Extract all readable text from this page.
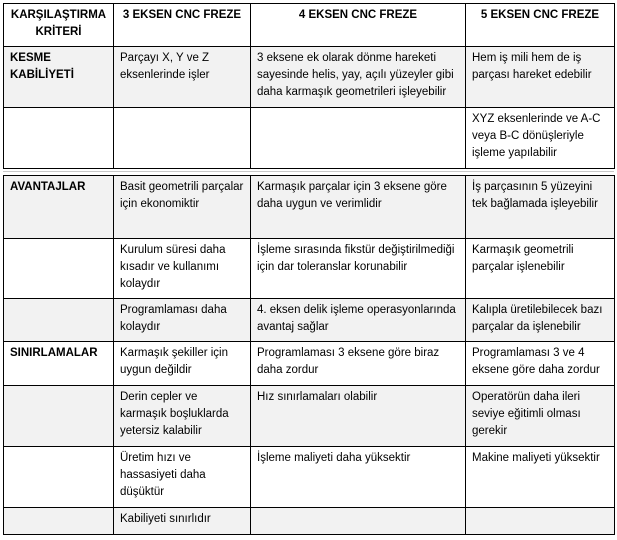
KARŞILAŞTIRMA KRİTERİ	3 EKSEN CNC FREZE	4 EKSEN CNC FREZE	5 EKSEN CNC FREZE
KESME KABİLİYETİ	Parçayı X, Y ve Z eksenlerinde işler	3 eksene ek olarak dönme hareketi sayesinde helis, yay, açılı yüzeyler gibi daha karmaşık geometrileri işleyebilir	Hem iş mili hem de iş parçası hareket edebilir
			XYZ eksenlerinde ve A-C veya B-C dönüşleriyle işleme yapılabilir
AVANTAJLAR	Basit geometrili parçalar için ekonomiktir	Karmaşık parçalar için 3 eksene göre daha uygun ve verimlidir	İş parçasının 5 yüzeyini tek bağlamada işleyebilir
	Kurulum süresi daha kısadır ve kullanımı kolaydır	İşleme sırasında fikstür değiştirilmediği için dar toleranslar korunabilir	Karmaşık geometrili parçalar işlenebilir
	Programlaması daha kolaydır	4. eksen delik işleme operasyonlarında avantaj sağlar	Kalıpla üretilebilecek bazı parçalar da işlenebilir
SINIRLAMALAR	Karmaşık şekiller için uygun değildir	Programlaması 3 eksene göre biraz daha zordur	Programlaması 3 ve 4 eksene göre daha zordur
	Derin cepler ve karmaşık boşluklarda yetersiz kalabilir	Hız sınırlamaları olabilir	Operatörün daha ileri seviye eğitimli olması gerekir
	Üretim hızı ve hassasiyeti daha düşüktür	İşleme maliyeti daha yüksektir	Makine maliyeti yüksektir
	Kabiliyeti sınırlıdır		
